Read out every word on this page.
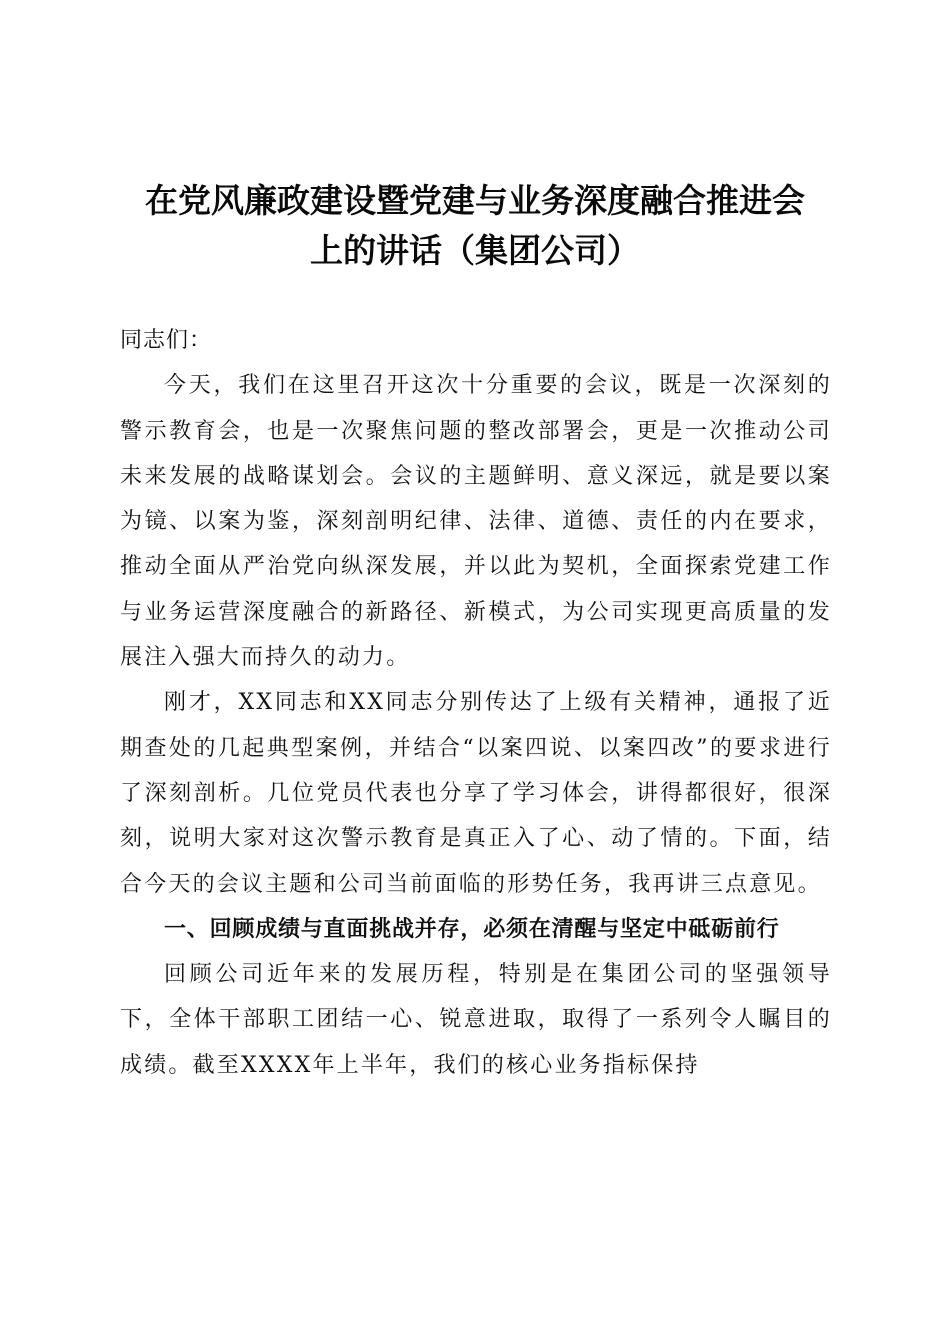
在党风廉政建设暨党建与业务深度融合推进会
上的讲话（集团公司）

同志们：

今天，我们在这里召开这次十分重要的会议，既是一次深刻的警示教育会，也是一次聚焦问题的整改部署会，更是一次推动公司未来发展的战略谋划会。会议的主题鲜明、意义深远，就是要以案为镜、以案为鉴，深刻剖明纪律、法律、道德、责任的内在要求，推动全面从严治党向纵深发展，并以此为契机，全面探索党建工作与业务运营深度融合的新路径、新模式，为公司实现更高质量的发展注入强大而持久的动力。

刚才，XX同志和XX同志分别传达了上级有关精神，通报了近期查处的几起典型案例，并结合“以案四说、以案四改”的要求进行了深刻剖析。几位党员代表也分享了学习体会，讲得都很好，很深刻，说明大家对这次警示教育是真正入了心、动了情的。下面，结合今天的会议主题和公司当前面临的形势任务，我再讲三点意见。

一、回顾成绩与直面挑战并存，必须在清醒与坚定中砥砺前行

回顾公司近年来的发展历程，特别是在集团公司的坚强领导下，全体干部职工团结一心、锐意进取，取得了一系列令人瞩目的成绩。截至XXXX年上半年，我们的核心业务指标保持
